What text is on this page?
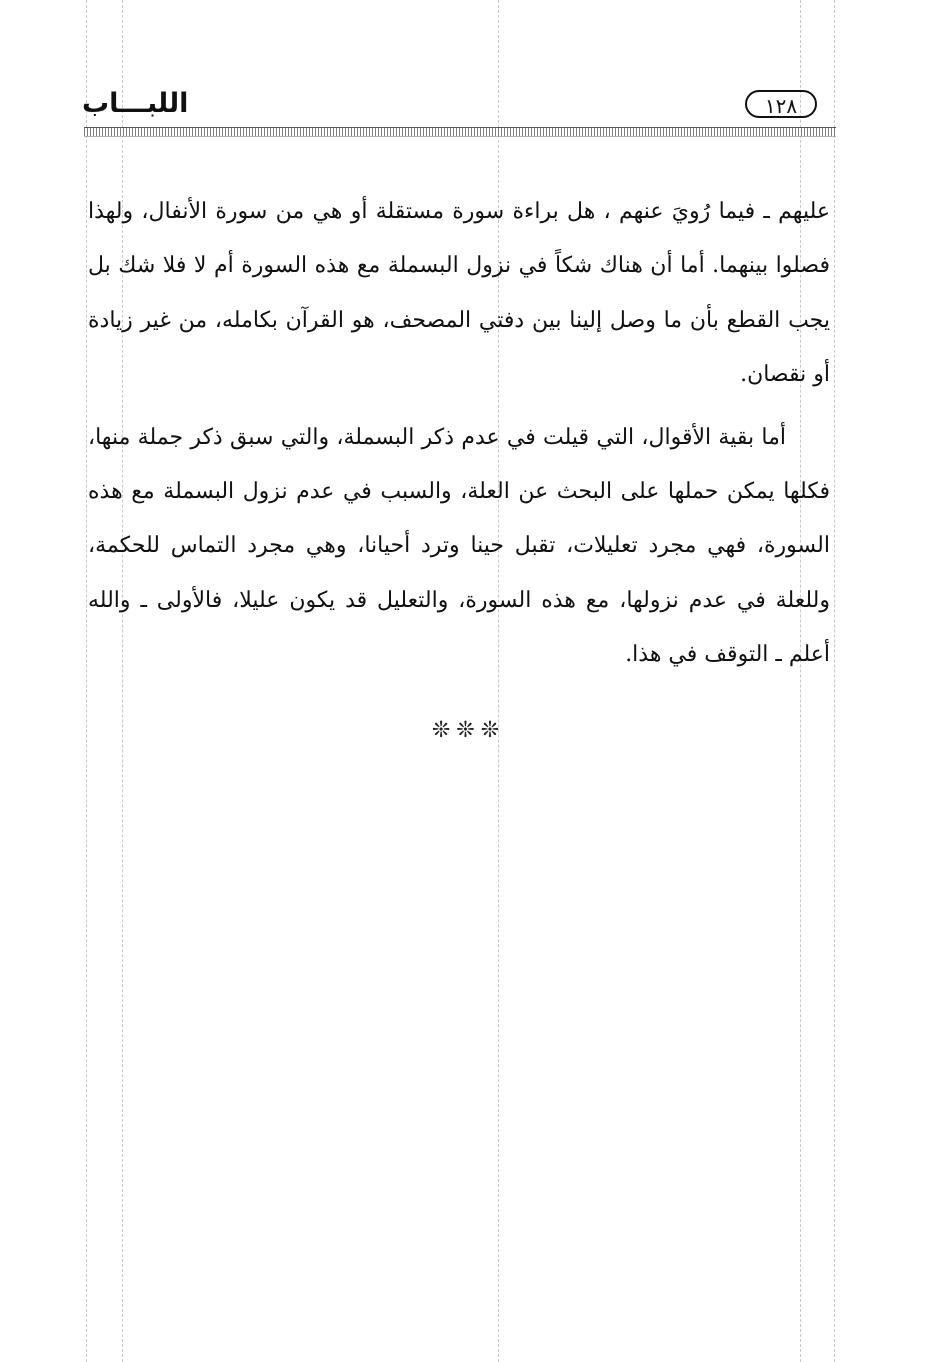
اللبـــاب	١٢٨

عليهم ـ فيما رُويَ عنهم ، هل براءة سورة مستقلة أو هي من سورة الأنفال، ولهذا فصلوا بينهما. أما أن هناك شكاً في نزول البسملة مع هذه السورة أم لا فلا شك بل يجب القطع بأن ما وصل إلينا بين دفتي المصحف، هو القرآن بكامله، من غير زيادة أو نقصان.

أما بقية الأقوال، التي قيلت في عدم ذكر البسملة، والتي سبق ذكر جملة منها، فكلها يمكن حملها على البحث عن العلة، والسبب في عدم نزول البسملة مع هذه السورة، فهي مجرد تعليلات، تقبل حينا وترد أحيانا، وهي مجرد التماس للحكمة، وللعلة في عدم نزولها، مع هذه السورة، والتعليل قد يكون عليلا، فالأولى ـ والله أعلم ـ التوقف في هذا.

❊❊❊
